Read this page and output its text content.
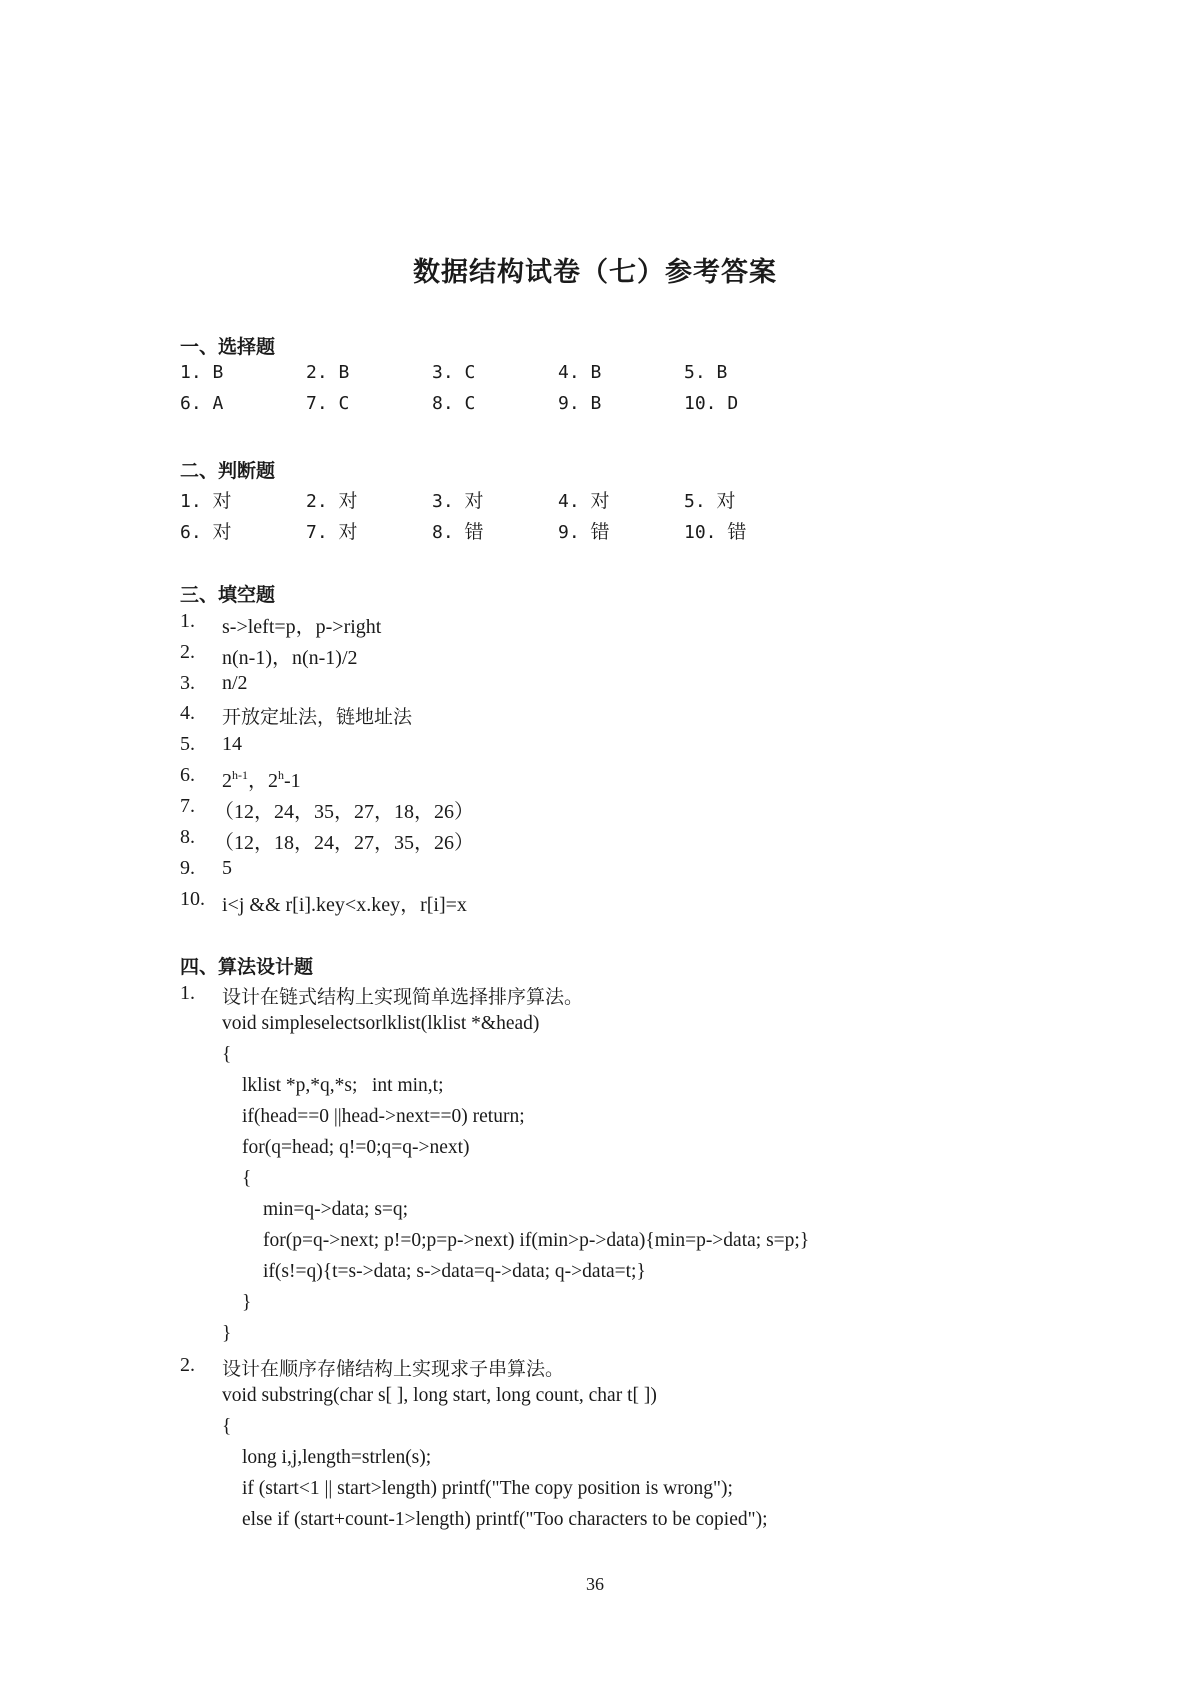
数据结构试卷（七）参考答案
一、选择题
1. B	2. B	3. C	4. B	5. B
6. A	7. C	8. C	9. B	10. D
二、判断题
1. 对	2. 对	3. 对	4. 对	5. 对
6. 对	7. 对	8. 错	9. 错	10. 错
三、填空题
1. s->left=p，p->right
2. n(n-1)，n(n-1)/2
3. n/2
4. 开放定址法，链地址法
5. 14
6. 2$^{h-1}$，2$^h$-1
7. （12，24，35，27，18，26）
8. （12，18，24，27，35，26）
9. 5
10. i<j && r[i].key<x.key，r[i]=x
四、算法设计题
1. 设计在链式结构上实现简单选择排序算法。
void simpleselectsorlklist(lklist *&head)
{
lklist *p,*q,*s;   int min,t;
if(head==0 ||head->next==0) return;
for(q=head; q!=0;q=q->next)
{
min=q->data; s=q;
for(p=q->next; p!=0;p=p->next) if(min>p->data){min=p->data; s=p;}
if(s!=q){t=s->data; s->data=q->data; q->data=t;}
}
}
2. 设计在顺序存储结构上实现求子串算法。
void substring(char s[ ], long start, long count, char t[ ])
{
long i,j,length=strlen(s);
if (start<1 || start>length) printf("The copy position is wrong");
else if (start+count-1>length) printf("Too characters to be copied");
36
